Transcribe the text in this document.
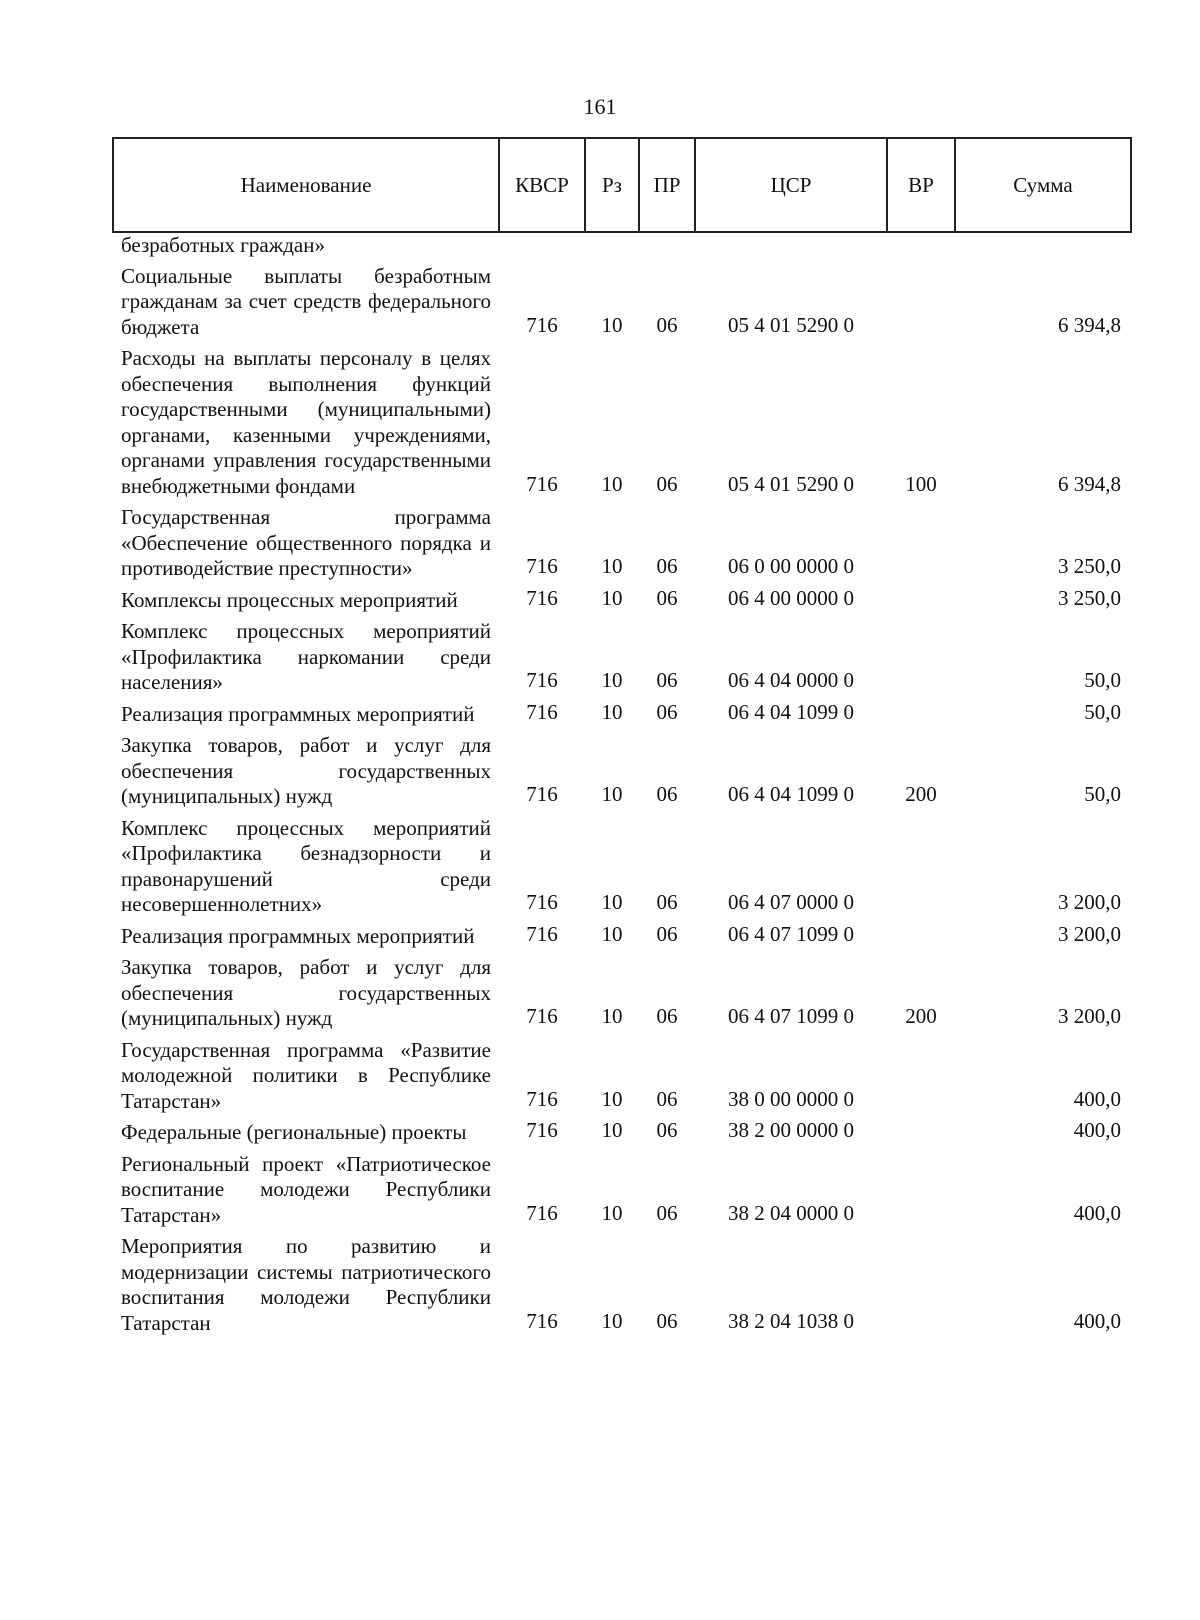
161
Наименование	КВСР	Рз	ПР	ЦСР	ВР	Сумма
безработных граждан»						
Социальные выплаты безработным гражданам за счет средств федерального бюджета	716	10	06	05 4 01 5290 0		6 394,8
Расходы на выплаты персоналу в целях обеспечения выполнения функций государственными (муниципальными) органами, казенными учреждениями, органами управления государственными внебюджетными фондами	716	10	06	05 4 01 5290 0	100	6 394,8
Государственная программа «Обеспечение общественного порядка и противодействие преступности»	716	10	06	06 0 00 0000 0		3 250,0
Комплексы процессных мероприятий	716	10	06	06 4 00 0000 0		3 250,0
Комплекс процессных мероприятий «Профилактика наркомании среди населения»	716	10	06	06 4 04 0000 0		50,0
Реализация программных мероприятий	716	10	06	06 4 04 1099 0		50,0
Закупка товаров, работ и услуг для обеспечения государственных (муниципальных) нужд	716	10	06	06 4 04 1099 0	200	50,0
Комплекс процессных мероприятий «Профилактика безнадзорности и правонарушений среди несовершеннолетних»	716	10	06	06 4 07 0000 0		3 200,0
Реализация программных мероприятий	716	10	06	06 4 07 1099 0		3 200,0
Закупка товаров, работ и услуг для обеспечения государственных (муниципальных) нужд	716	10	06	06 4 07 1099 0	200	3 200,0
Государственная программа «Развитие молодежной политики в Республике Татарстан»	716	10	06	38 0 00 0000 0		400,0
Федеральные (региональные) проекты	716	10	06	38 2 00 0000 0		400,0
Региональный проект «Патриотическое воспитание молодежи Республики Татарстан»	716	10	06	38 2 04 0000 0		400,0
Мероприятия по развитию и модернизации системы патриотического воспитания молодежи Республики Татарстан	716	10	06	38 2 04 1038 0		400,0
